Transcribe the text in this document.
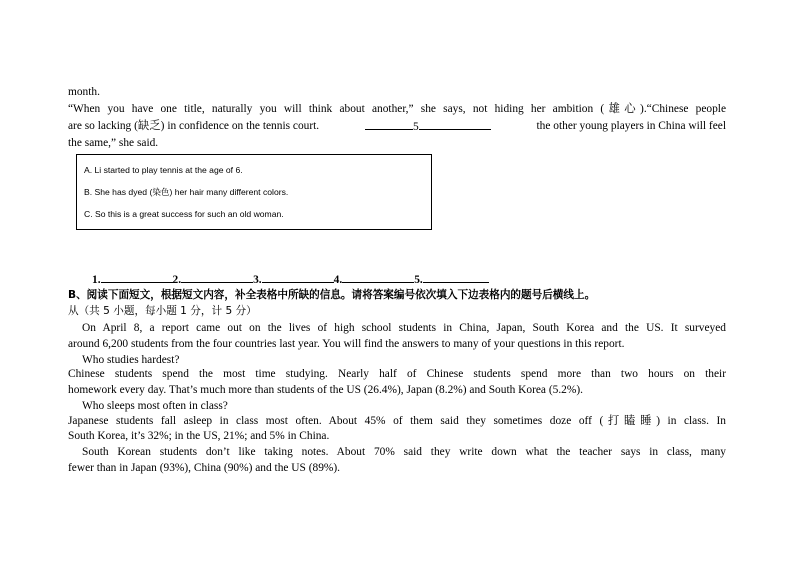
month.
“When you have one title, naturally you will think about another,” she says, not hiding her ambition (雄心).“Chinese people
are so lacking (缺乏) in confidence on the tennis court.	5	the other young players in China will feel
the same,” she said.
A. Li started to play tennis at the age of 6.
B. She has dyed (染色) her hair many different colors.
C. So this is a great success for such an old woman.
1.	2.	3.	4.	5.
B、阅读下面短文，根据短文内容，补全表格中所缺的信息。请将答案编号依次填入下边表格内的题号后横线上。
从（共 5 小题，每小题 1 分，计 5 分）
On April 8, a report came out on the lives of high school students in China, Japan, South Korea and the US. It surveyed
around 6,200 students from the four countries last year. You will find the answers to many of your questions in this report.
Who studies hardest?
Chinese students spend the most time studying. Nearly half of Chinese students spend more than two hours on their
homework every day. That’s much more than students of the US (26.4%), Japan (8.2%) and South Korea (5.2%).
Who sleeps most often in class?
Japanese students fall asleep in class most often. About 45% of them said they sometimes doze off (打瞌睡) in class. In
South Korea, it’s 32%; in the US, 21%; and 5% in China.
South Korean students don’t like taking notes. About 70% said they write down what the teacher says in class, many
fewer than in Japan (93%), China (90%) and the US (89%).
